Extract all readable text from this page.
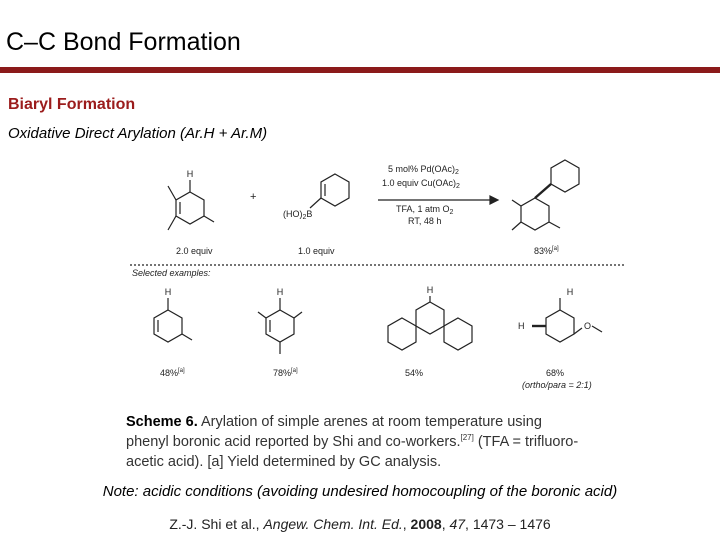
C–C Bond Formation
Biaryl Formation
Oxidative Direct Arylation (Ar.H + Ar.M)
H
+
$(HO)_2B$
5 mol% $Pd(OAc)_2$
1.0 equiv $Cu(OAc)_2$
TFA, 1 atm $O_2$
RT, 48 h
2.0 equiv	1.0 equiv	83%[a]
Selected examples:
H	H	H	H
H	O
48%[a]	78%[a]	54%	68%
(ortho/para = 2:1)
Scheme 6. Arylation of simple arenes at room temperature using
phenyl boronic acid reported by Shi and co-workers.[27] (TFA = trifluoro-
acetic acid). [a] Yield determined by GC analysis.
Note: acidic conditions (avoiding undesired homocoupling of the boronic acid)
Z.-J. Shi et al., Angew. Chem. Int. Ed., 2008, 47, 1473 – 1476
